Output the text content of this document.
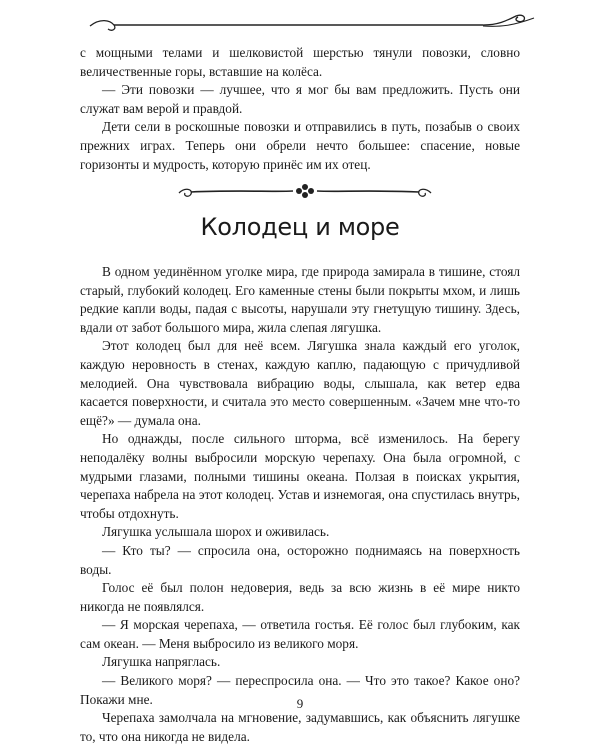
с мощными телами и шелковистой шерстью тянули повозки, словно величественные горы, вставшие на колёса.

— Эти повозки — лучшее, что я мог бы вам предложить. Пусть они служат вам верой и правдой.

Дети сели в роскошные повозки и отправились в путь, позабыв о своих прежних играх. Теперь они обрели нечто большее: спасение, новые горизонты и мудрость, которую принёс им их отец.

Колодец и море

В одном уединённом уголке мира, где природа замирала в тишине, стоял старый, глубокий колодец. Его каменные стены были покрыты мхом, и лишь редкие капли воды, падая с высоты, нарушали эту гнетущую тишину. Здесь, вдали от забот большого мира, жила слепая лягушка.

Этот колодец был для неё всем. Лягушка знала каждый его уголок, каждую неровность в стенах, каждую каплю, падающую с причудливой мелодией. Она чувствовала вибрацию воды, слышала, как ветер едва касается поверхности, и считала это место совершенным. «Зачем мне что-то ещё?» — думала она.

Но однажды, после сильного шторма, всё изменилось. На берегу неподалёку волны выбросили морскую черепаху. Она была огромной, с мудрыми глазами, полными тишины океана. Ползая в поисках укрытия, черепаха набрела на этот колодец. Устав и изнемогая, она спустилась внутрь, чтобы отдохнуть.

Лягушка услышала шорох и оживилась.

— Кто ты? — спросила она, осторожно поднимаясь на поверхность воды.

Голос её был полон недоверия, ведь за всю жизнь в её мире никто никогда не появлялся.

— Я морская черепаха, — ответила гостья. Её голос был глубоким, как сам океан. — Меня выбросило из великого моря.

Лягушка напряглась.

— Великого моря? — переспросила она. — Что это такое? Какое оно? Покажи мне.

Черепаха замолчала на мгновение, задумавшись, как объяснить лягушке то, что она никогда не видела.

9
